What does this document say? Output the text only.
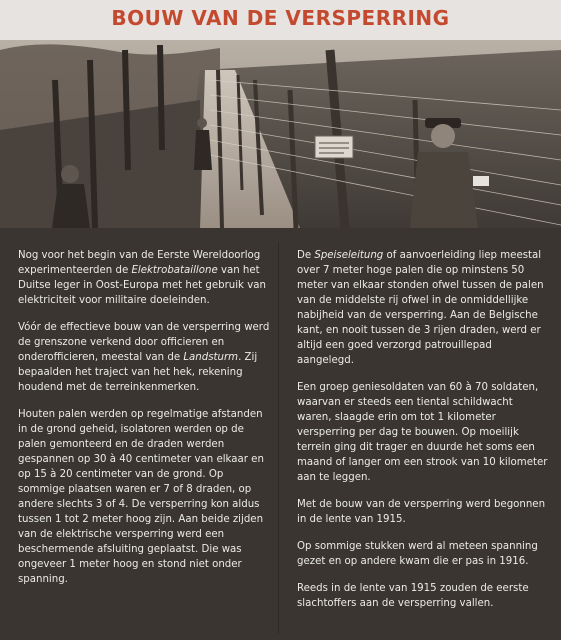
BOUW VAN DE VERSPERRING

Nog voor het begin van de Eerste Wereldoorlog experimenteerden de Elektrobataillone van het Duitse leger in Oost-Europa met het gebruik van elektriciteit voor militaire doeleinden.

Vóór de effectieve bouw van de versperring werd de grenszone verkend door officieren en onderofficieren, meestal van de Landsturm. Zij bepaalden het traject van het hek, rekening houdend met de terreinkenmerken.

Houten palen werden op regelmatige afstanden in de grond geheid, isolatoren werden op de palen gemonteerd en de draden werden gespannen op 30 à 40 centimeter van elkaar en op 15 à 20 centimeter van de grond. Op sommige plaatsen waren er 7 of 8 draden, op andere slechts 3 of 4. De versperring kon aldus tussen 1 tot 2 meter hoog zijn. Aan beide zijden van de elektrische versperring werd een beschermende afsluiting geplaatst. Die was ongeveer 1 meter hoog en stond niet onder spanning.

De Speiseleitung of aanvoerleiding liep meestal over 7 meter hoge palen die op minstens 50 meter van elkaar stonden ofwel tussen de palen van de middelste rij ofwel in de onmiddellijke nabijheid van de versperring. Aan de Belgische kant, en nooit tussen de 3 rijen draden, werd er altijd een goed verzorgd patrouillepad aangelegd.

Een groep geniesoldaten van 60 à 70 soldaten, waarvan er steeds een tiental schildwacht waren, slaagde erin om tot 1 kilometer versperring per dag te bouwen. Op moeilijk terrein ging dit trager en duurde het soms een maand of langer om een strook van 10 kilometer aan te leggen.

Met de bouw van de versperring werd begonnen in de lente van 1915.

Op sommige stukken werd al meteen spanning gezet en op andere kwam die er pas in 1916.

Reeds in de lente van 1915 zouden de eerste slachtoffers aan de versperring vallen.
